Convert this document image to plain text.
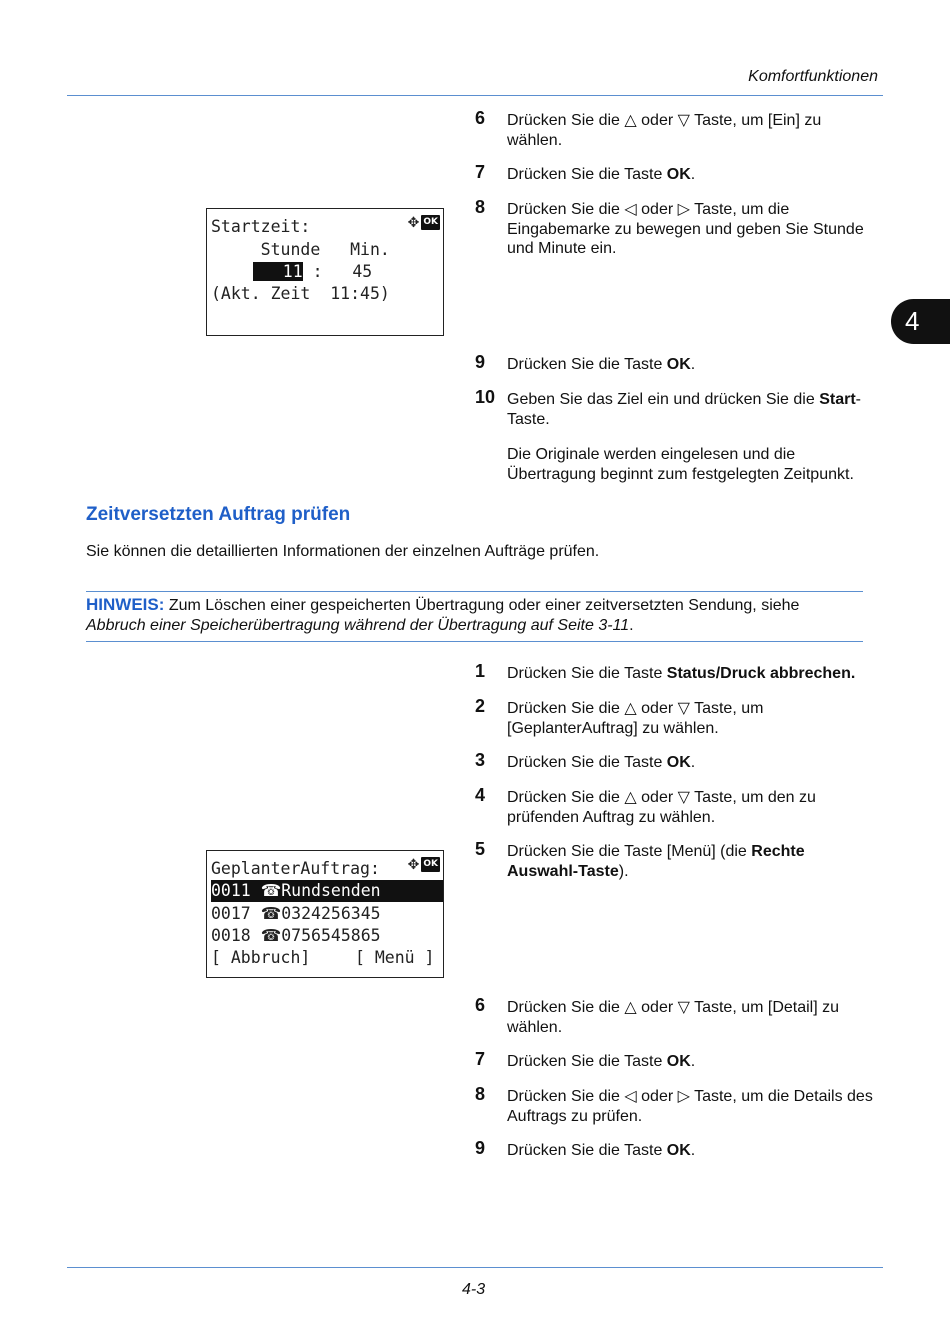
Komfortfunktionen
4
Startzeit:	✥ OK
Stunde   Min.
11 :   45
(Akt. Zeit  11:45)
6 Drücken Sie die △ oder ▽ Taste, um [Ein] zu wählen.
7 Drücken Sie die Taste OK.
8 Drücken Sie die ◁ oder ▷ Taste, um die Eingabemarke zu bewegen und geben Sie Stunde und Minute ein.
9 Drücken Sie die Taste OK.
10 Geben Sie das Ziel ein und drücken Sie die Start-Taste.
Die Originale werden eingelesen und die Übertragung beginnt zum festgelegten Zeitpunkt.
Zeitversetzten Auftrag prüfen
Sie können die detaillierten Informationen der einzelnen Aufträge prüfen.
HINWEIS: Zum Löschen einer gespeicherten Übertragung oder einer zeitversetzten Sendung, siehe Abbruch einer Speicherübertragung während der Übertragung auf Seite 3-11.
GeplanterAuftrag: ✥ OK
0011 ☎Rundsenden
0017 ☎0324256345
0018 ☎0756545865
[ Abbruch]	[ Menü ]
1 Drücken Sie die Taste Status/Druck abbrechen.
2 Drücken Sie die △ oder ▽ Taste, um [GeplanterAuftrag] zu wählen.
3 Drücken Sie die Taste OK.
4 Drücken Sie die △ oder ▽ Taste, um den zu prüfenden Auftrag zu wählen.
5 Drücken Sie die Taste [Menü] (die Rechte Auswahl-Taste).
6 Drücken Sie die △ oder ▽ Taste, um [Detail] zu wählen.
7 Drücken Sie die Taste OK.
8 Drücken Sie die ◁ oder ▷ Taste, um die Details des Auftrags zu prüfen.
9 Drücken Sie die Taste OK.
4-3
